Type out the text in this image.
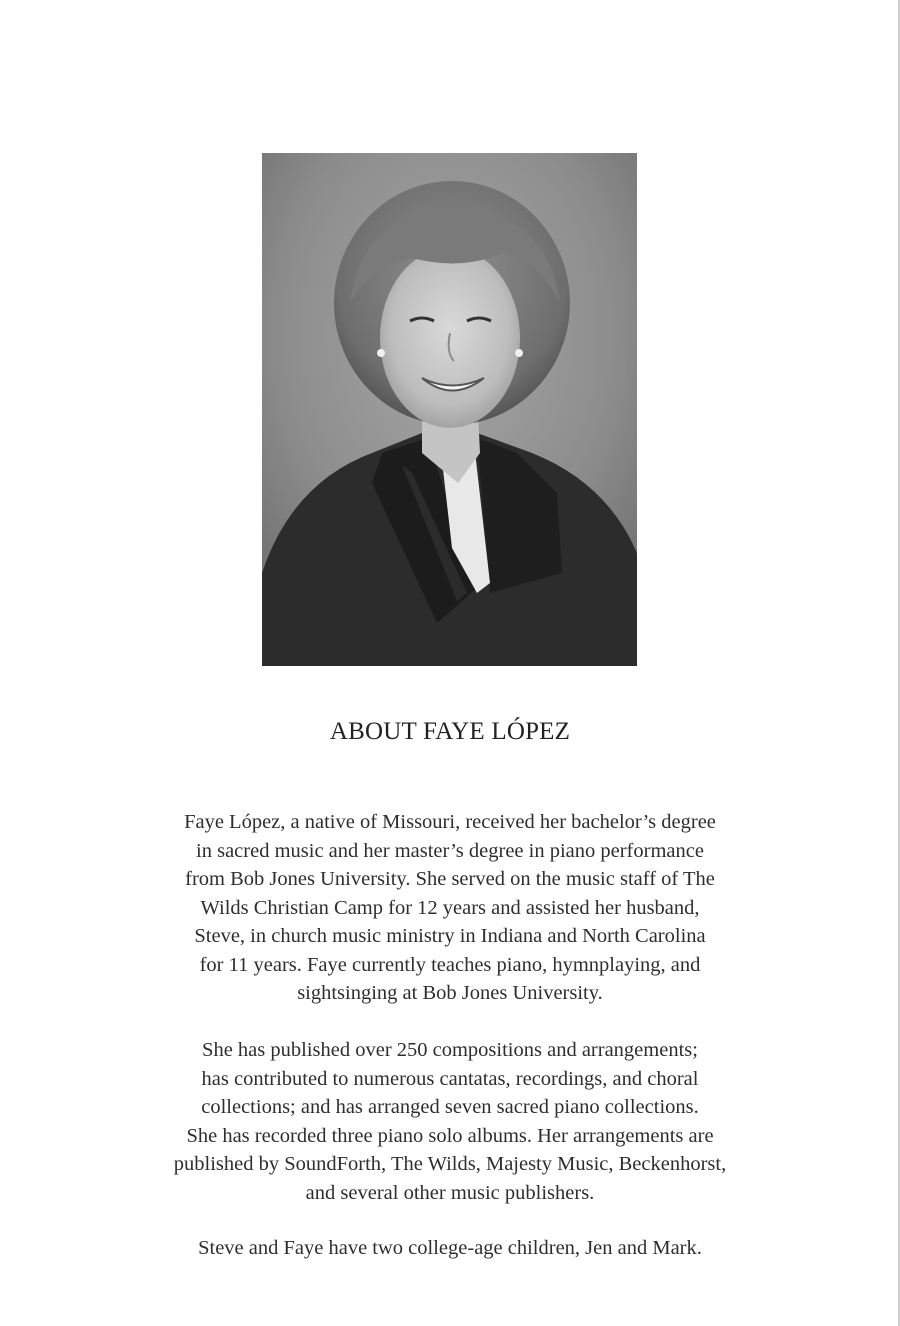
ABOUT FAYE LÓPEZ

Faye López, a native of Missouri, received her bachelor’s degree
in sacred music and her master’s degree in piano performance
from Bob Jones University. She served on the music staff of The
Wilds Christian Camp for 12 years and assisted her husband,
Steve, in church music ministry in Indiana and North Carolina
for 11 years. Faye currently teaches piano, hymnplaying, and
sightsinging at Bob Jones University.

She has published over 250 compositions and arrangements;
has contributed to numerous cantatas, recordings, and choral
collections; and has arranged seven sacred piano collections.
She has recorded three piano solo albums. Her arrangements are
published by SoundForth, The Wilds, Majesty Music, Beckenhorst,
and several other music publishers.

Steve and Faye have two college-age children, Jen and Mark.
